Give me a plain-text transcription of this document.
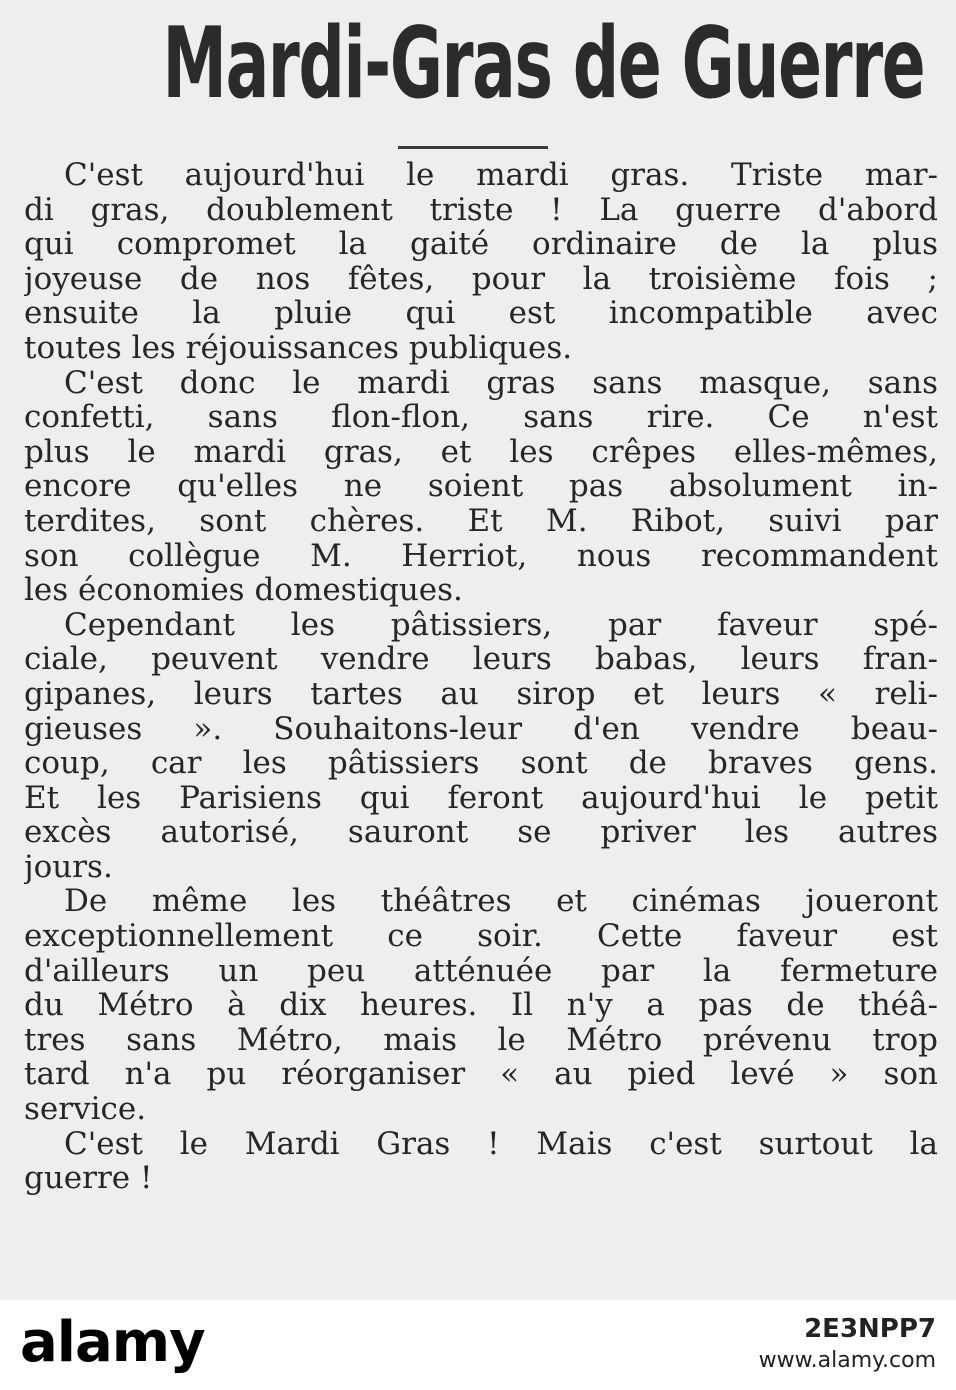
Mardi-Gras de Guerre
C'est aujourd'hui le mardi gras. Triste mar-
di gras, doublement triste ! La guerre d'abord
qui compromet la gaité ordinaire de la plus
joyeuse de nos fêtes, pour la troisième fois ;
ensuite la pluie qui est incompatible avec
toutes les réjouissances publiques.
C'est donc le mardi gras sans masque, sans
confetti, sans flon-flon, sans rire. Ce n'est
plus le mardi gras, et les crêpes elles-mêmes,
encore qu'elles ne soient pas absolument in-
terdites, sont chères. Et M. Ribot, suivi par
son collègue M. Herriot, nous recommandent
les économies domestiques.
Cependant les pâtissiers, par faveur spé-
ciale, peuvent vendre leurs babas, leurs fran-
gipanes, leurs tartes au sirop et leurs « reli-
gieuses ». Souhaitons-leur d'en vendre beau-
coup, car les pâtissiers sont de braves gens.
Et les Parisiens qui feront aujourd'hui le petit
excès autorisé, sauront se priver les autres
jours.
De même les théâtres et cinémas joueront
exceptionnellement ce soir. Cette faveur est
d'ailleurs un peu atténuée par la fermeture
du Métro à dix heures. Il n'y a pas de théâ-
tres sans Métro, mais le Métro prévenu trop
tard n'a pu réorganiser « au pied levé » son
service.
C'est le Mardi Gras ! Mais c'est surtout la
guerre !
alamy	2E3NPP7
www.alamy.com
